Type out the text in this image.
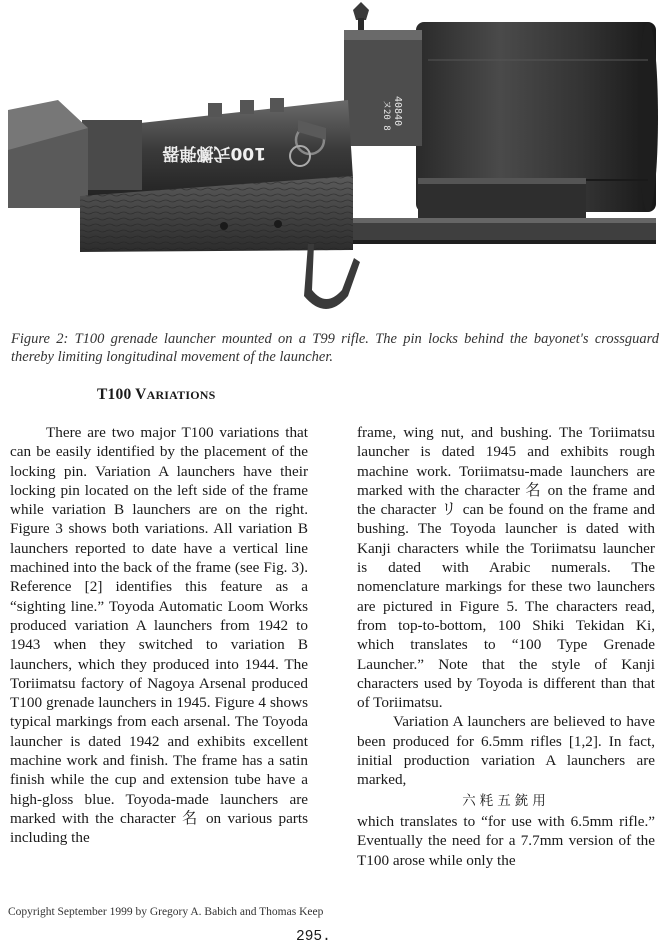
40840
ヌ20 8
100式擲弾器
Figure 2: T100 grenade launcher mounted on a T99 rifle. The pin locks behind the bayonet's crossguard thereby limiting longitudinal movement of the launcher.
T100 VARIATIONS

There are two major T100 variations that can be easily identified by the placement of the locking pin. Variation A launchers have their locking pin located on the left side of the frame while variation B launchers are on the right. Figure 3 shows both variations. All variation B launchers reported to date have a vertical line machined into the back of the frame (see Fig. 3). Reference [2] identifies this feature as a “sighting line.” Toyoda Automatic Loom Works produced variation A launchers from 1942 to 1943 when they switched to variation B launchers, which they produced into 1944. The Toriimatsu factory of Nagoya Arsenal produced T100 grenade launchers in 1945. Figure 4 shows typical markings from each arsenal. The Toyoda launcher is dated 1942 and exhibits excellent machine work and finish. The frame has a satin finish while the cup and extension tube have a high-gloss blue. Toyoda-made launchers are marked with the character 名 on various parts including the

frame, wing nut, and bushing. The Toriimatsu launcher is dated 1945 and exhibits rough machine work. Toriimatsu-made launchers are marked with the character 名 on the frame and the character リ can be found on the frame and bushing. The Toyoda launcher is dated with Kanji characters while the Toriimatsu launcher is dated with Arabic numerals. The nomenclature markings for these two launchers are pictured in Figure 5. The characters read, from top-to-bottom, 100 Shiki Tekidan Ki, which translates to “100 Type Grenade Launcher.” Note that the style of Kanji characters used by Toyoda is different than that of Toriimatsu.

Variation A launchers are believed to have been produced for 6.5mm rifles [1,2]. In fact, initial production variation A launchers are marked,

六粍五銃用

which translates to “for use with 6.5mm rifle.” Eventually the need for a 7.7mm version of the T100 arose while only the

Copyright September 1999 by Gregory A. Babich and Thomas Keep
295.
